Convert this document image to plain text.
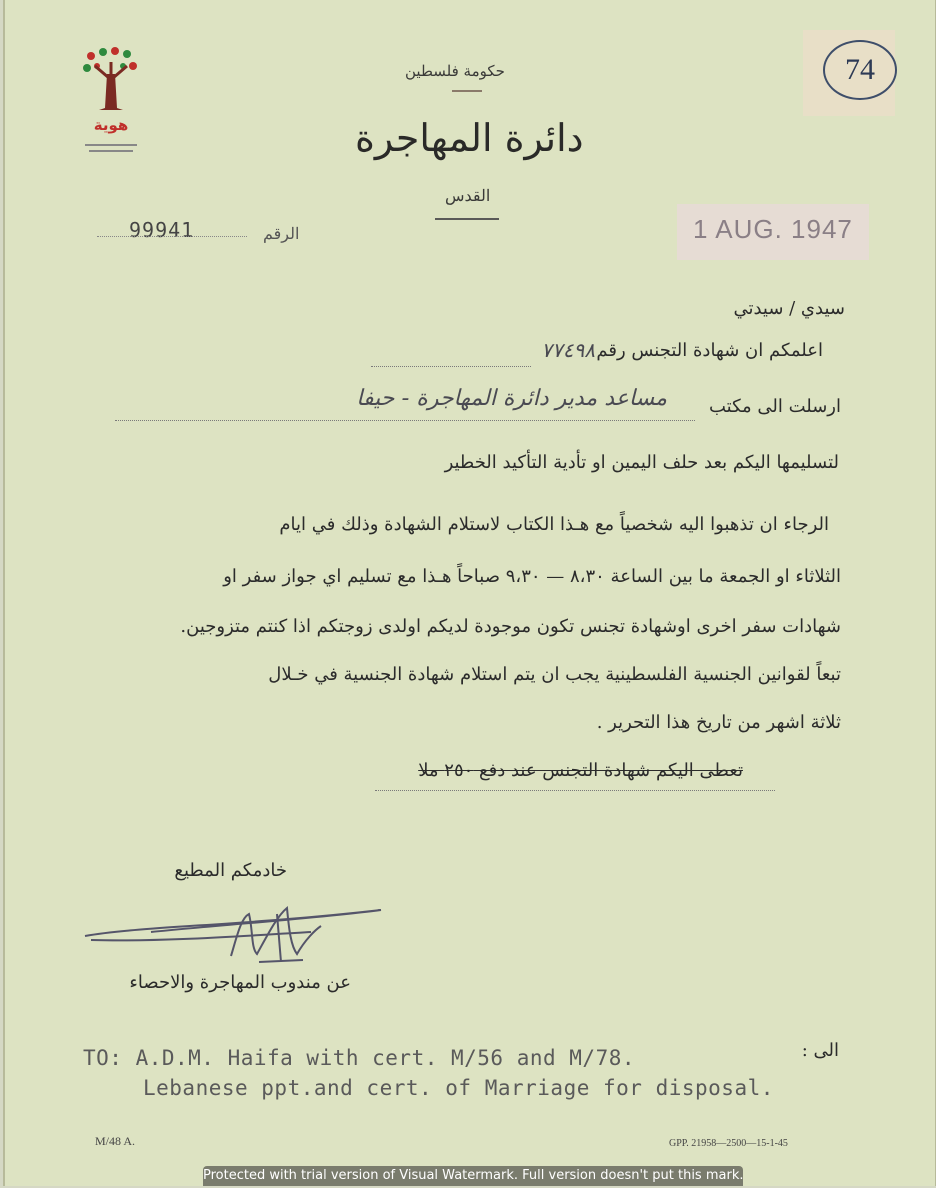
هوية
حكومة فلسطين
دائرة المهاجرة
القدس
99941	الرقم
74
1 AUG. 1947
سيدي / سيدتي
اعلمكم ان شهادة التجنس رقم
٧٧٤٩٨
ارسلت الى مكتب
مساعد مدير دائرة المهاجرة - حيفا
لتسليمها اليكم بعد حلف اليمين او تأدية التأكيد الخطير
الرجاء ان تذهبوا اليه شخصياً مع هـذا الكتاب لاستلام الشهادة وذلك في ايام
الثلاثاء او الجمعة ما بين الساعة ٨،٣٠ — ٩،٣٠ صباحاً هـذا مع تسليم اي جواز سفر او
شهادات سفر اخرى اوشهادة تجنس تكون موجودة لديكم اولدى زوجتكم اذا كنتم متزوجين.
تبعاً لقوانين الجنسية الفلسطينية يجب ان يتم استلام شهادة الجنسية في خـلال
ثلاثة اشهر من تاريخ هذا التحرير .
تعطى اليكم شهادة التجنس عند دفع ٢٥٠ ملا
خادمكم المطيع
عن مندوب المهاجرة والاحصاء
الى :
TO: A.D.M. Haifa with cert. M/56 and M/78.
Lebanese ppt.and cert. of Marriage for disposal.
M/48 A.	GPP. 21958—2500—15-1-45
Protected with trial version of Visual Watermark. Full version doesn't put this mark.
